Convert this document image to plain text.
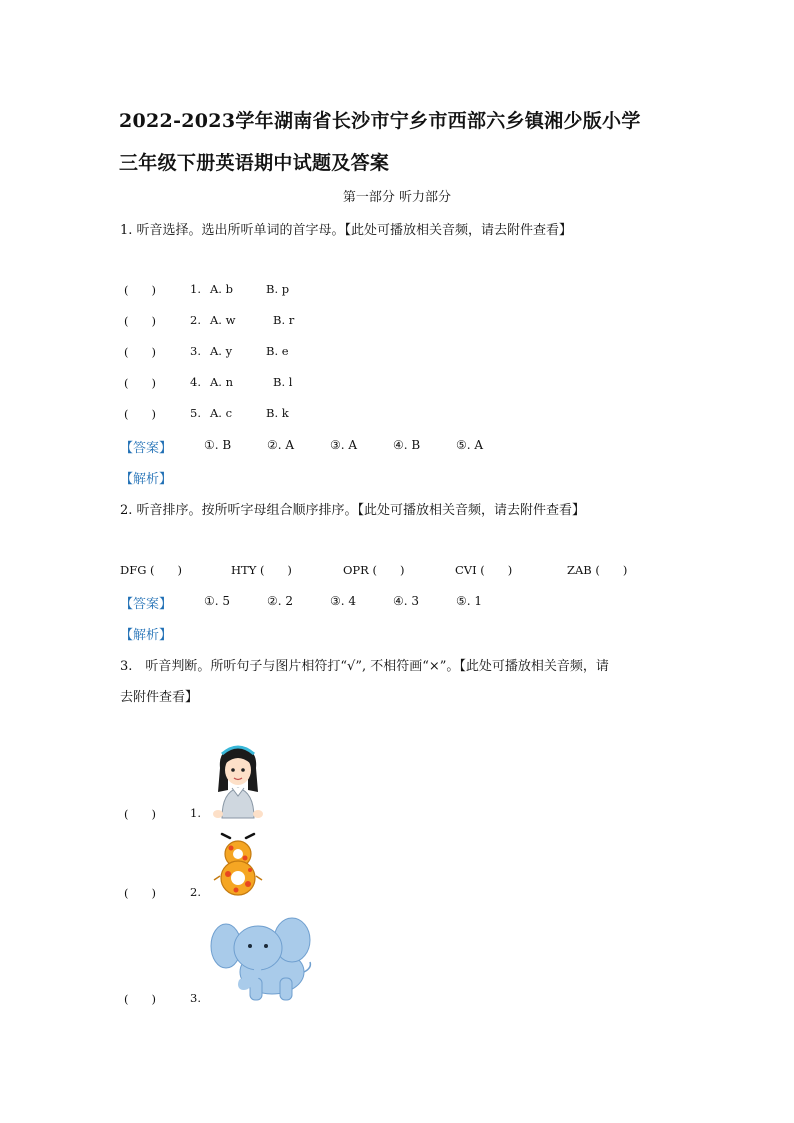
2022-2023学年湖南省长沙市宁乡市西部六乡镇湘少版小学
三年级下册英语期中试题及答案
第一部分 听力部分
1. 听音选择。选出所听单词的首字母。【此处可播放相关音频，请去附件查看】
(　　)	1. A. b	B. p
(　　)	2. A. w	B. r
(　　)	3. A. y	B. e
(　　)	4. A. n	B. l
(　　)	5. A. c	B. k
【答案】	①. B	②. A	③. A	④. B	⑤. A
【解析】
2. 听音排序。按所听字母组合顺序排序。【此处可播放相关音频，请去附件查看】
DFG (　　)	HTY (　　)	OPR (　　)	CVI (　　)	ZAB (　　)
【答案】	①. 5	②. 2	③. 4	④. 3	⑤. 1
【解析】
3.　听音判断。所听句子与图片相符打“√”, 不相符画“×”。【此处可播放相关音频，请
去附件查看】
(　　)	1.
(　　)	2.
(　　)	3.
